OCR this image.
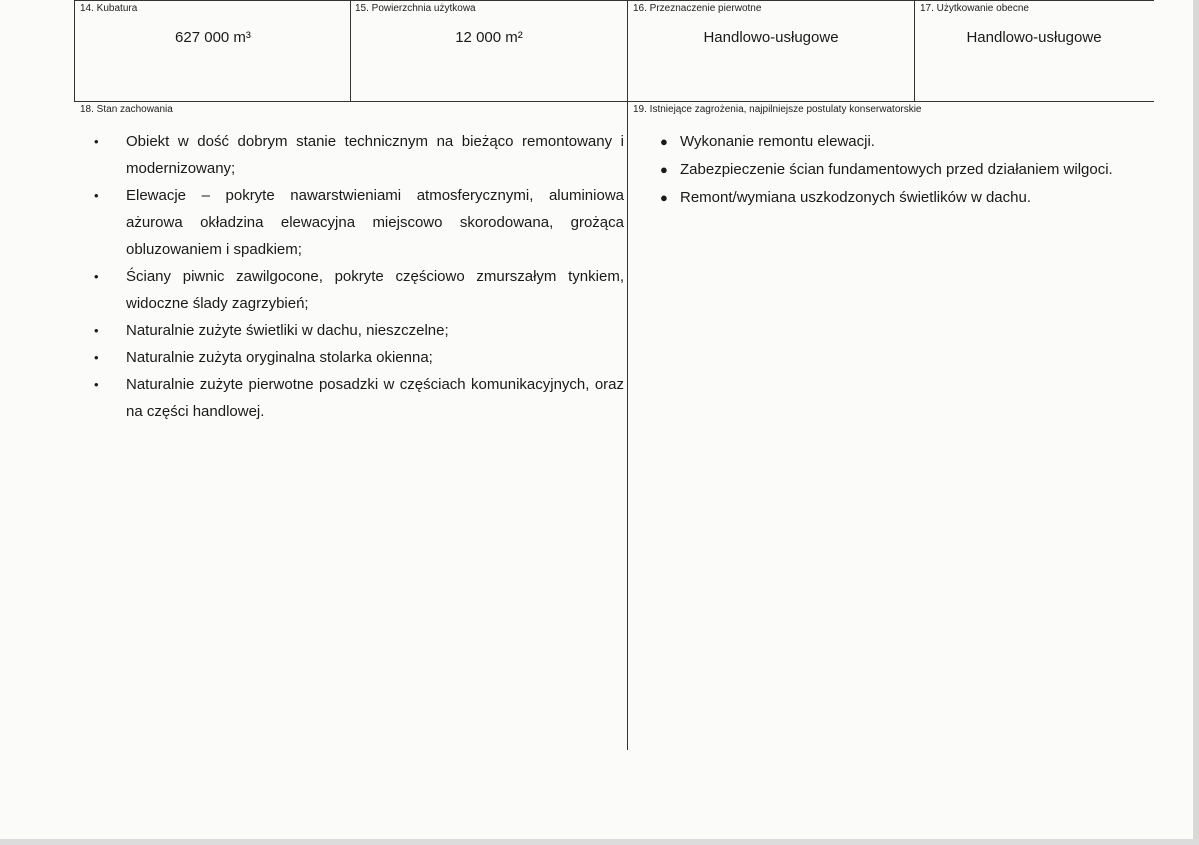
14. Kubatura
627 000 m³
15. Powierzchnia użytkowa
12 000 m²
16. Przeznaczenie pierwotne
Handlowo-usługowe
17. Użytkowanie obecne
Handlowo-usługowe
18. Stan zachowania	19. Istniejące zagrożenia, najpilniejsze postulaty konserwatorskie
• Obiekt w dość dobrym stanie technicznym na bieżąco remontowany i modernizowany;
• Elewacje – pokryte nawarstwieniami atmosferycznymi, aluminiowa ażurowa okładzina elewacyjna miejscowo skorodowana, grożąca obluzowaniem i spadkiem;
• Ściany piwnic zawilgocone, pokryte częściowo zmurszałym tynkiem, widoczne ślady zagrzybień;
• Naturalnie zużyte świetliki w dachu, nieszczelne;
• Naturalnie zużyta oryginalna stolarka okienna;
• Naturalnie zużyte pierwotne posadzki w częściach komunikacyjnych, oraz na części handlowej.
● Wykonanie remontu elewacji.
● Zabezpieczenie ścian fundamentowych przed działaniem wilgoci.
● Remont/wymiana uszkodzonych świetlików w dachu.
